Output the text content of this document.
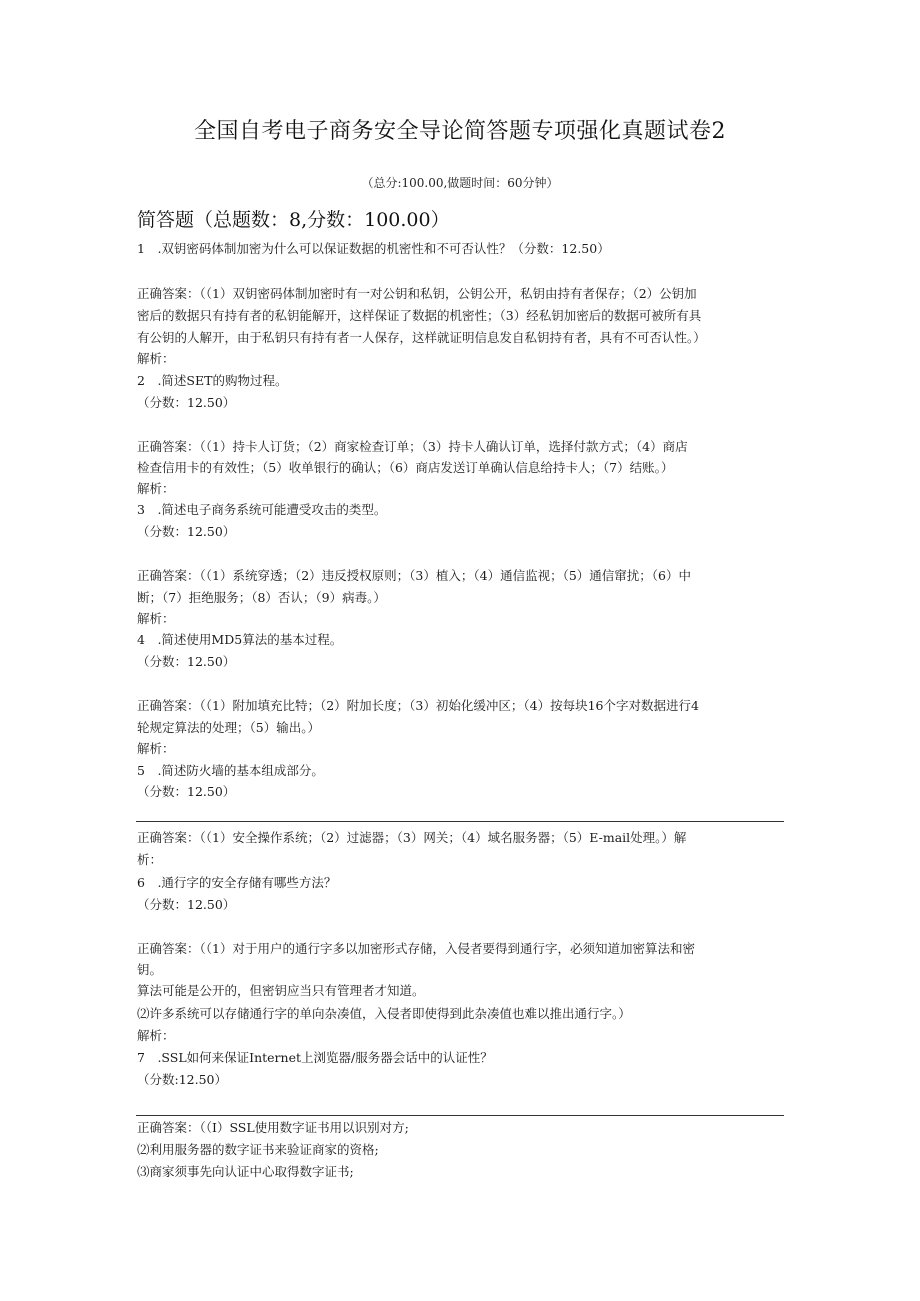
全国自考电子商务安全导论简答题专项强化真题试卷2
（总分:100.00,做题时间：60分钟）
简答题（总题数：8,分数：100.00）
1　.双钥密码体制加密为什么可以保证数据的机密性和不可否认性？（分数：12.50）
正确答案：（（1）双钥密码体制加密时有一对公钥和私钥，公钥公开，私钥由持有者保存；（2）公钥加
密后的数据只有持有者的私钥能解开，这样保证了数据的机密性；（3）经私钥加密后的数据可被所有具
有公钥的人解开，由于私钥只有持有者一人保存，这样就证明信息发自私钥持有者，具有不可否认性。）
解析：
2　.简述SET的购物过程。
（分数：12.50）
正确答案：（（1）持卡人订货；（2）商家检查订单；（3）持卡人确认订单，选择付款方式；（4）商店
检查信用卡的有效性；（5）收单银行的确认；（6）商店发送订单确认信息给持卡人；（7）结账。）
解析：
3　.简述电子商务系统可能遭受攻击的类型。
（分数：12.50）
正确答案：（（1）系统穿透；（2）违反授权原则；（3）植入；（4）通信监视；（5）通信窜扰；（6）中
断；（7）拒绝服务；（8）否认；（9）病毒。）
解析：
4　.简述使用MD5算法的基本过程。
（分数：12.50）
正确答案：（（1）附加填充比特；（2）附加长度；（3）初始化缓冲区；（4）按每块16个字对数据进行4
轮规定算法的处理；（5）输出。）
解析：
5　.简述防火墙的基本组成部分。
（分数：12.50）
正确答案：（（1）安全操作系统；（2）过滤器；（3）网关；（4）域名服务器；（5）E-mail处理。）解
析：
6　.通行字的安全存储有哪些方法？
（分数：12.50）
正确答案：（（1）对于用户的通行字多以加密形式存储，入侵者要得到通行字，必须知道加密算法和密
钥。
算法可能是公开的，但密钥应当只有管理者才知道。
⑵许多系统可以存储通行字的单向杂凑值，入侵者即使得到此杂凑值也难以推出通行字。）
解析：
7　.SSL如何来保证Internet上浏览器/服务器会话中的认证性？
（分数:12.50）
正确答案：（（I）SSL使用数字证书用以识别对方;
⑵利用服务器的数字证书来验证商家的资格;
⑶商家须事先向认证中心取得数字证书;
